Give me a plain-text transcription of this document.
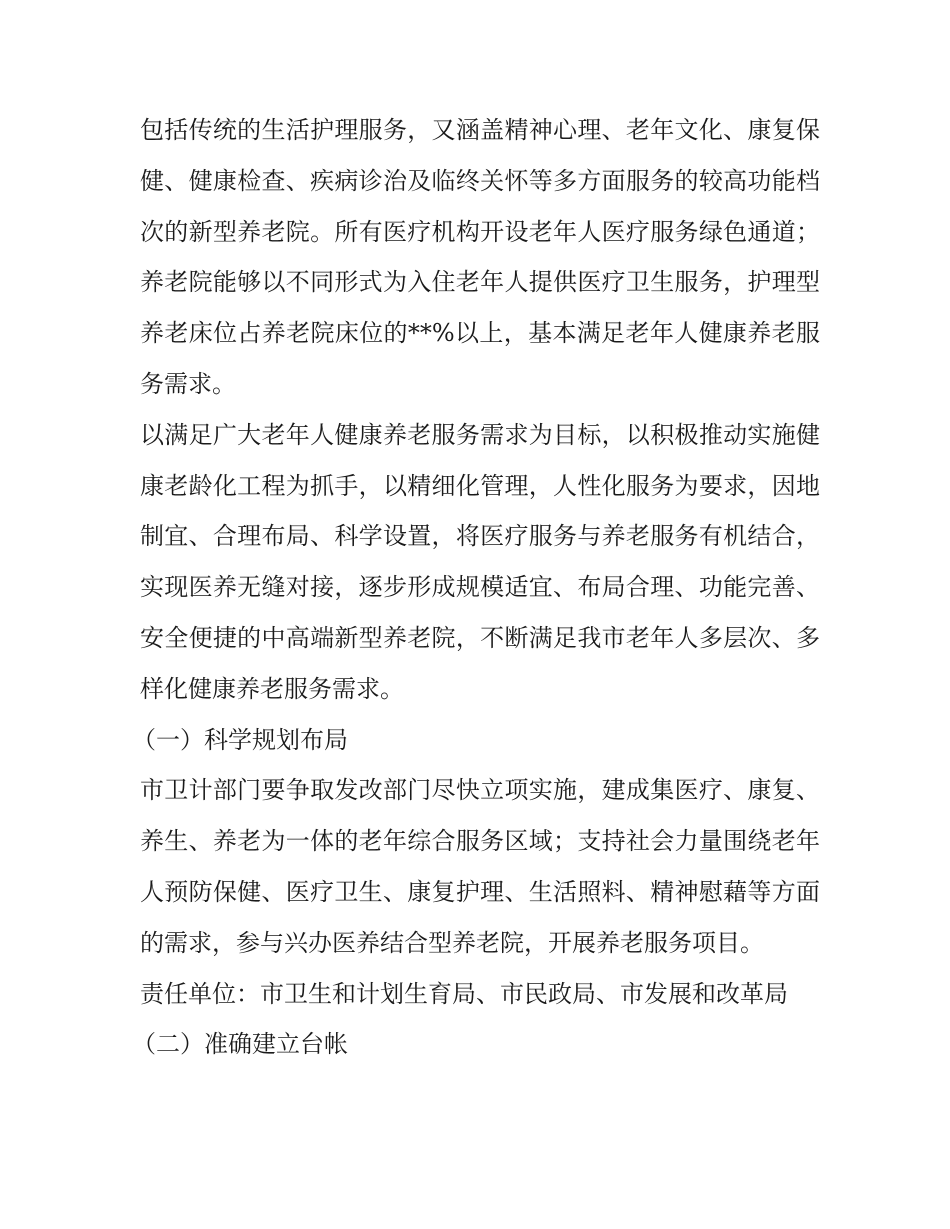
包括传统的生活护理服务，又涵盖精神心理、老年文化、康复保健、健康检查、疾病诊治及临终关怀等多方面服务的较高功能档次的新型养老院。所有医疗机构开设老年人医疗服务绿色通道；养老院能够以不同形式为入住老年人提供医疗卫生服务，护理型养老床位占养老院床位的**%以上，基本满足老年人健康养老服务需求。

以满足广大老年人健康养老服务需求为目标，以积极推动实施健康老龄化工程为抓手，以精细化管理，人性化服务为要求，因地制宜、合理布局、科学设置，将医疗服务与养老服务有机结合，实现医养无缝对接，逐步形成规模适宜、布局合理、功能完善、安全便捷的中高端新型养老院，不断满足我市老年人多层次、多样化健康养老服务需求。

（一）科学规划布局

市卫计部门要争取发改部门尽快立项实施，建成集医疗、康复、养生、养老为一体的老年综合服务区域；支持社会力量围绕老年人预防保健、医疗卫生、康复护理、生活照料、精神慰藉等方面的需求，参与兴办医养结合型养老院，开展养老服务项目。

责任单位：市卫生和计划生育局、市民政局、市发展和改革局

（二）准确建立台帐
